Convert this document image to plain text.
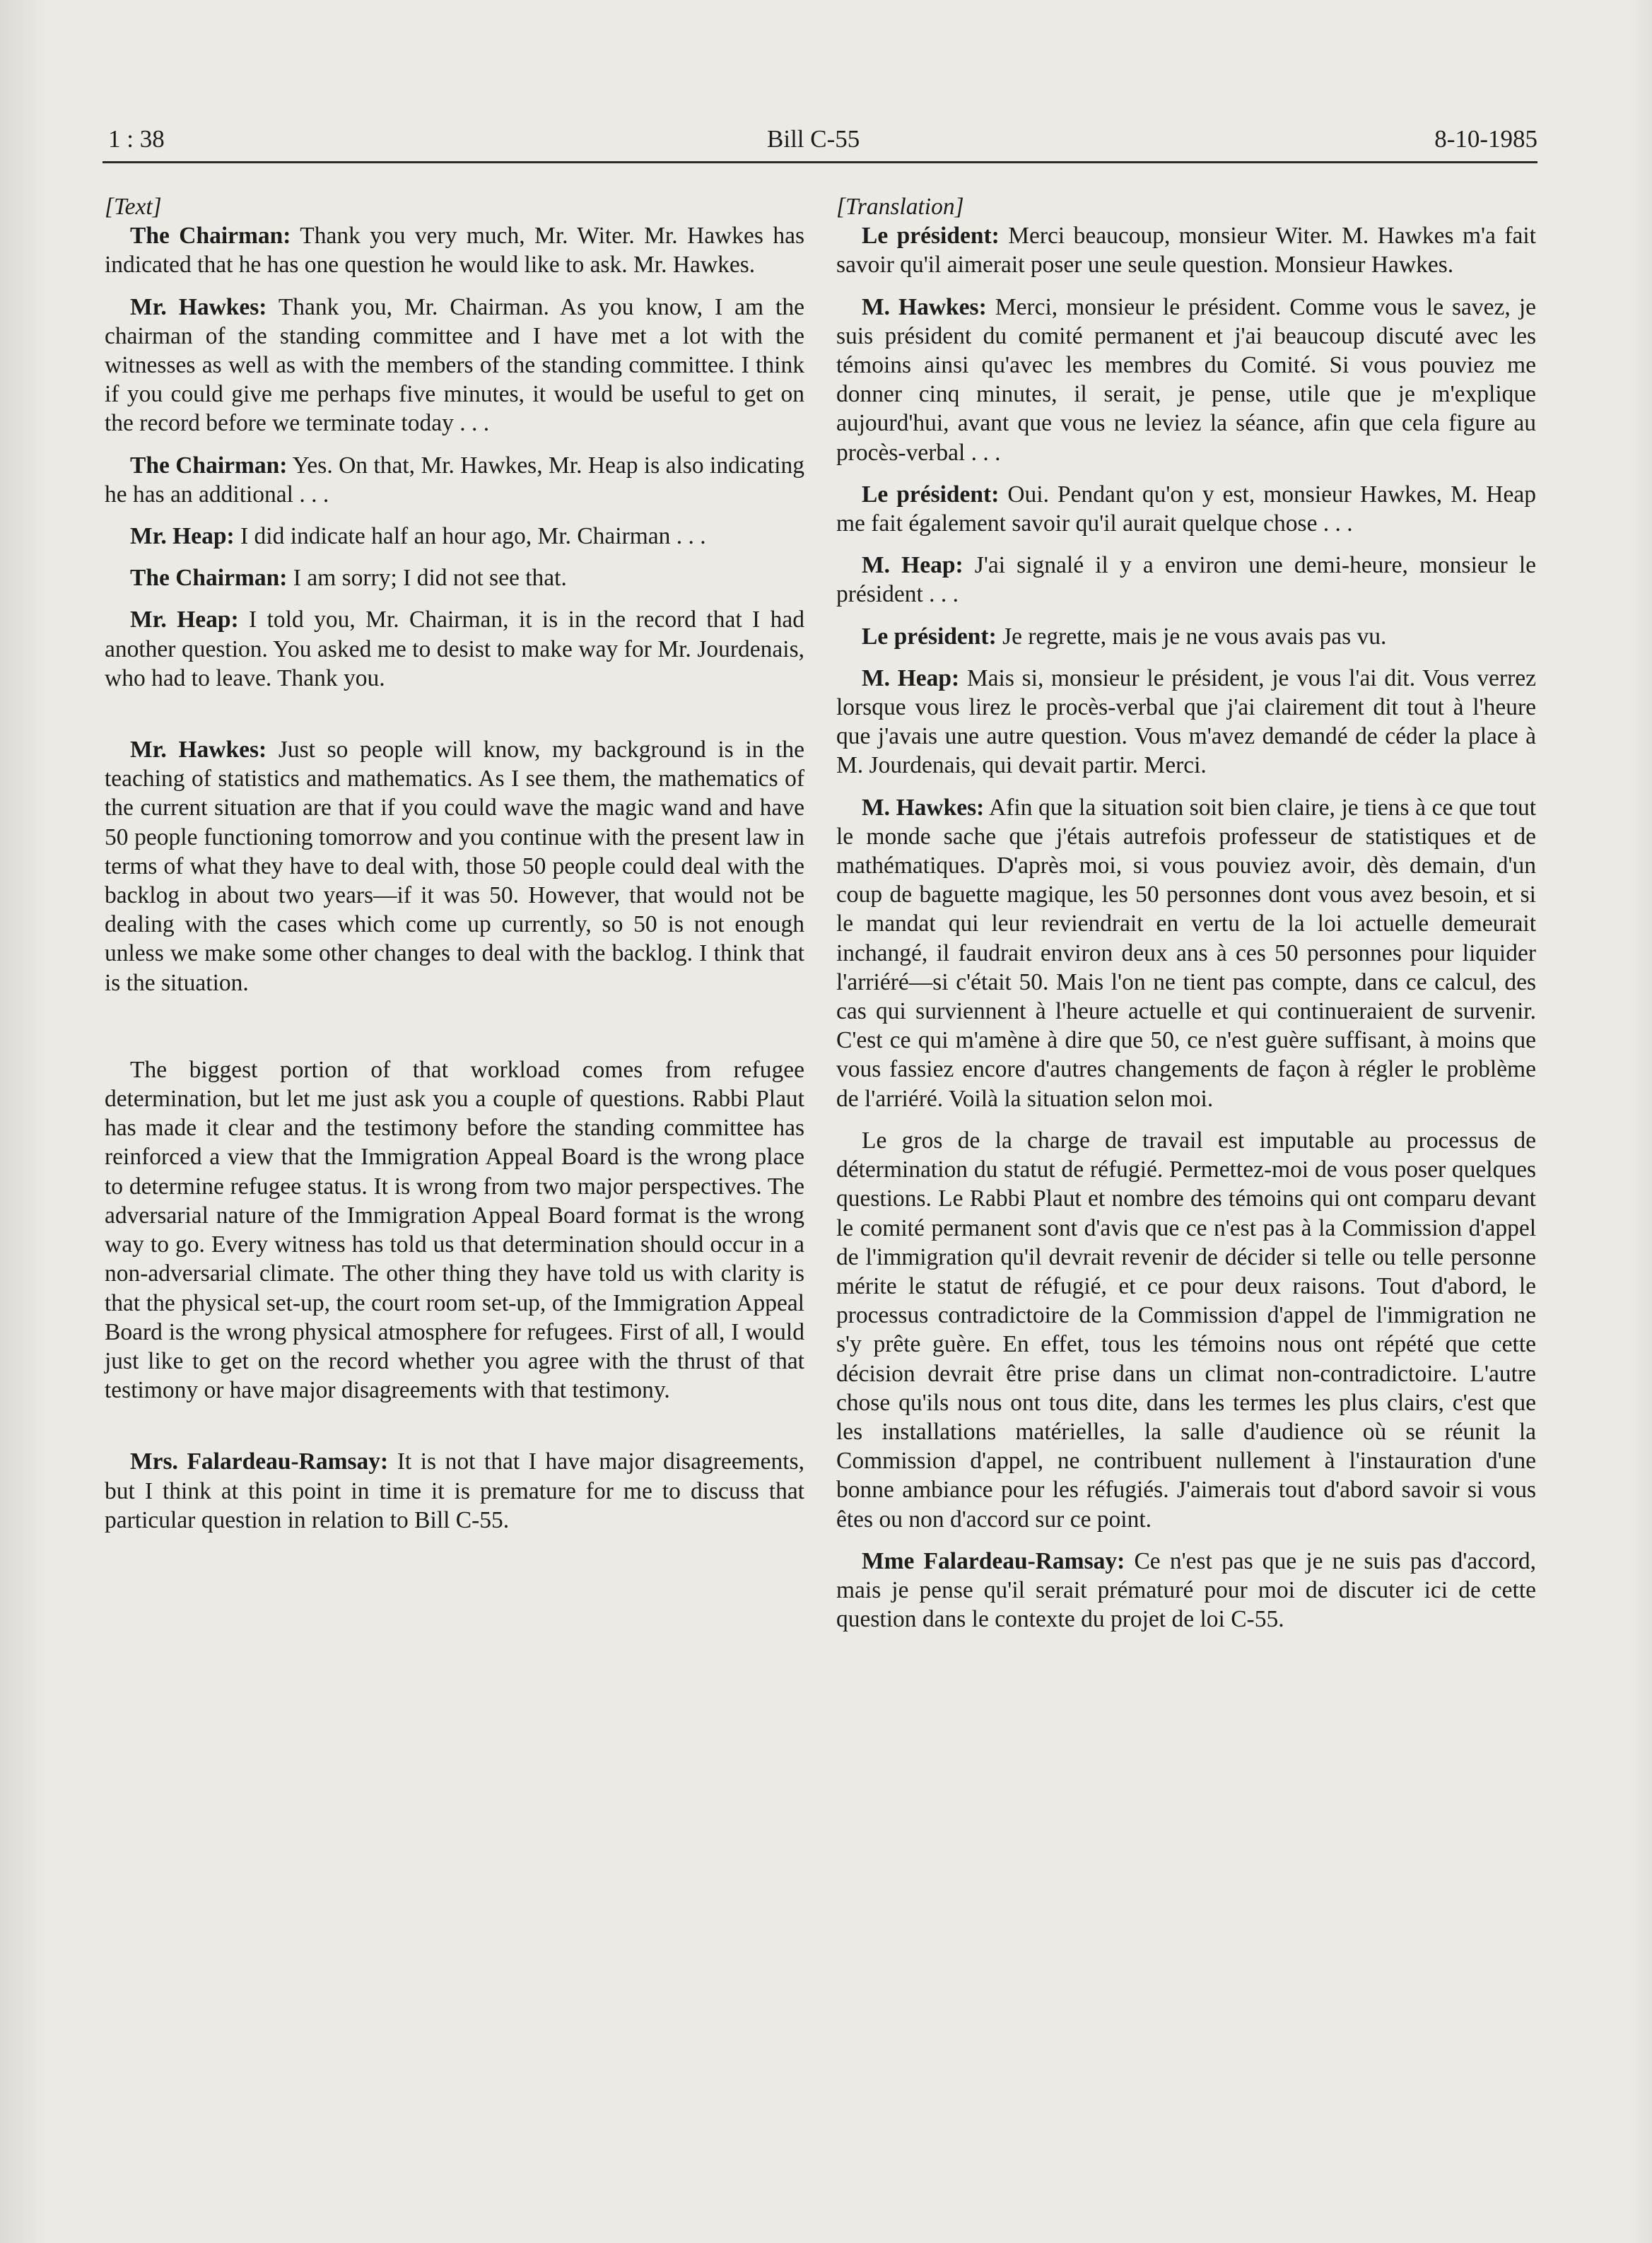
1 : 38	Bill C-55	8-10-1985

[Text]

The Chairman: Thank you very much, Mr. Witer. Mr. Hawkes has indicated that he has one question he would like to ask. Mr. Hawkes.

Mr. Hawkes: Thank you, Mr. Chairman. As you know, I am the chairman of the standing committee and I have met a lot with the witnesses as well as with the members of the standing committee. I think if you could give me perhaps five minutes, it would be useful to get on the record before we terminate today . . .

The Chairman: Yes. On that, Mr. Hawkes, Mr. Heap is also indicating he has an additional . . .

Mr. Heap: I did indicate half an hour ago, Mr. Chairman . . .

The Chairman: I am sorry; I did not see that.

Mr. Heap: I told you, Mr. Chairman, it is in the record that I had another question. You asked me to desist to make way for Mr. Jourdenais, who had to leave. Thank you.

Mr. Hawkes: Just so people will know, my background is in the teaching of statistics and mathematics. As I see them, the mathematics of the current situation are that if you could wave the magic wand and have 50 people functioning tomorrow and you continue with the present law in terms of what they have to deal with, those 50 people could deal with the backlog in about two years—if it was 50. However, that would not be dealing with the cases which come up currently, so 50 is not enough unless we make some other changes to deal with the backlog. I think that is the situation.

The biggest portion of that workload comes from refugee determination, but let me just ask you a couple of questions. Rabbi Plaut has made it clear and the testimony before the standing committee has reinforced a view that the Immigration Appeal Board is the wrong place to determine refugee status. It is wrong from two major perspectives. The adversarial nature of the Immigration Appeal Board format is the wrong way to go. Every witness has told us that determination should occur in a non-adversarial climate. The other thing they have told us with clarity is that the physical set-up, the court room set-up, of the Immigration Appeal Board is the wrong physical atmosphere for refugees. First of all, I would just like to get on the record whether you agree with the thrust of that testimony or have major disagreements with that testimony.

Mrs. Falardeau-Ramsay: It is not that I have major disagreements, but I think at this point in time it is premature for me to discuss that particular question in relation to Bill C-55.

[Translation]

Le président: Merci beaucoup, monsieur Witer. M. Hawkes m'a fait savoir qu'il aimerait poser une seule question. Monsieur Hawkes.

M. Hawkes: Merci, monsieur le président. Comme vous le savez, je suis président du comité permanent et j'ai beaucoup discuté avec les témoins ainsi qu'avec les membres du Comité. Si vous pouviez me donner cinq minutes, il serait, je pense, utile que je m'explique aujourd'hui, avant que vous ne leviez la séance, afin que cela figure au procès-verbal . . .

Le président: Oui. Pendant qu'on y est, monsieur Hawkes, M. Heap me fait également savoir qu'il aurait quelque chose . . .

M. Heap: J'ai signalé il y a environ une demi-heure, monsieur le président . . .

Le président: Je regrette, mais je ne vous avais pas vu.

M. Heap: Mais si, monsieur le président, je vous l'ai dit. Vous verrez lorsque vous lirez le procès-verbal que j'ai clairement dit tout à l'heure que j'avais une autre question. Vous m'avez demandé de céder la place à M. Jourdenais, qui devait partir. Merci.

M. Hawkes: Afin que la situation soit bien claire, je tiens à ce que tout le monde sache que j'étais autrefois professeur de statistiques et de mathématiques. D'après moi, si vous pouviez avoir, dès demain, d'un coup de baguette magique, les 50 personnes dont vous avez besoin, et si le mandat qui leur reviendrait en vertu de la loi actuelle demeurait inchangé, il faudrait environ deux ans à ces 50 personnes pour liquider l'arriéré—si c'était 50. Mais l'on ne tient pas compte, dans ce calcul, des cas qui surviennent à l'heure actuelle et qui continueraient de survenir. C'est ce qui m'amène à dire que 50, ce n'est guère suffisant, à moins que vous fassiez encore d'autres changements de façon à régler le problème de l'arriéré. Voilà la situation selon moi.

Le gros de la charge de travail est imputable au processus de détermination du statut de réfugié. Permettez-moi de vous poser quelques questions. Le Rabbi Plaut et nombre des témoins qui ont comparu devant le comité permanent sont d'avis que ce n'est pas à la Commission d'appel de l'immigration qu'il devrait revenir de décider si telle ou telle personne mérite le statut de réfugié, et ce pour deux raisons. Tout d'abord, le processus contradictoire de la Commission d'appel de l'immigration ne s'y prête guère. En effet, tous les témoins nous ont répété que cette décision devrait être prise dans un climat non-contradictoire. L'autre chose qu'ils nous ont tous dite, dans les termes les plus clairs, c'est que les installations matérielles, la salle d'audience où se réunit la Commission d'appel, ne contribuent nullement à l'instauration d'une bonne ambiance pour les réfugiés. J'aimerais tout d'abord savoir si vous êtes ou non d'accord sur ce point.

Mme Falardeau-Ramsay: Ce n'est pas que je ne suis pas d'accord, mais je pense qu'il serait prématuré pour moi de discuter ici de cette question dans le contexte du projet de loi C-55.
